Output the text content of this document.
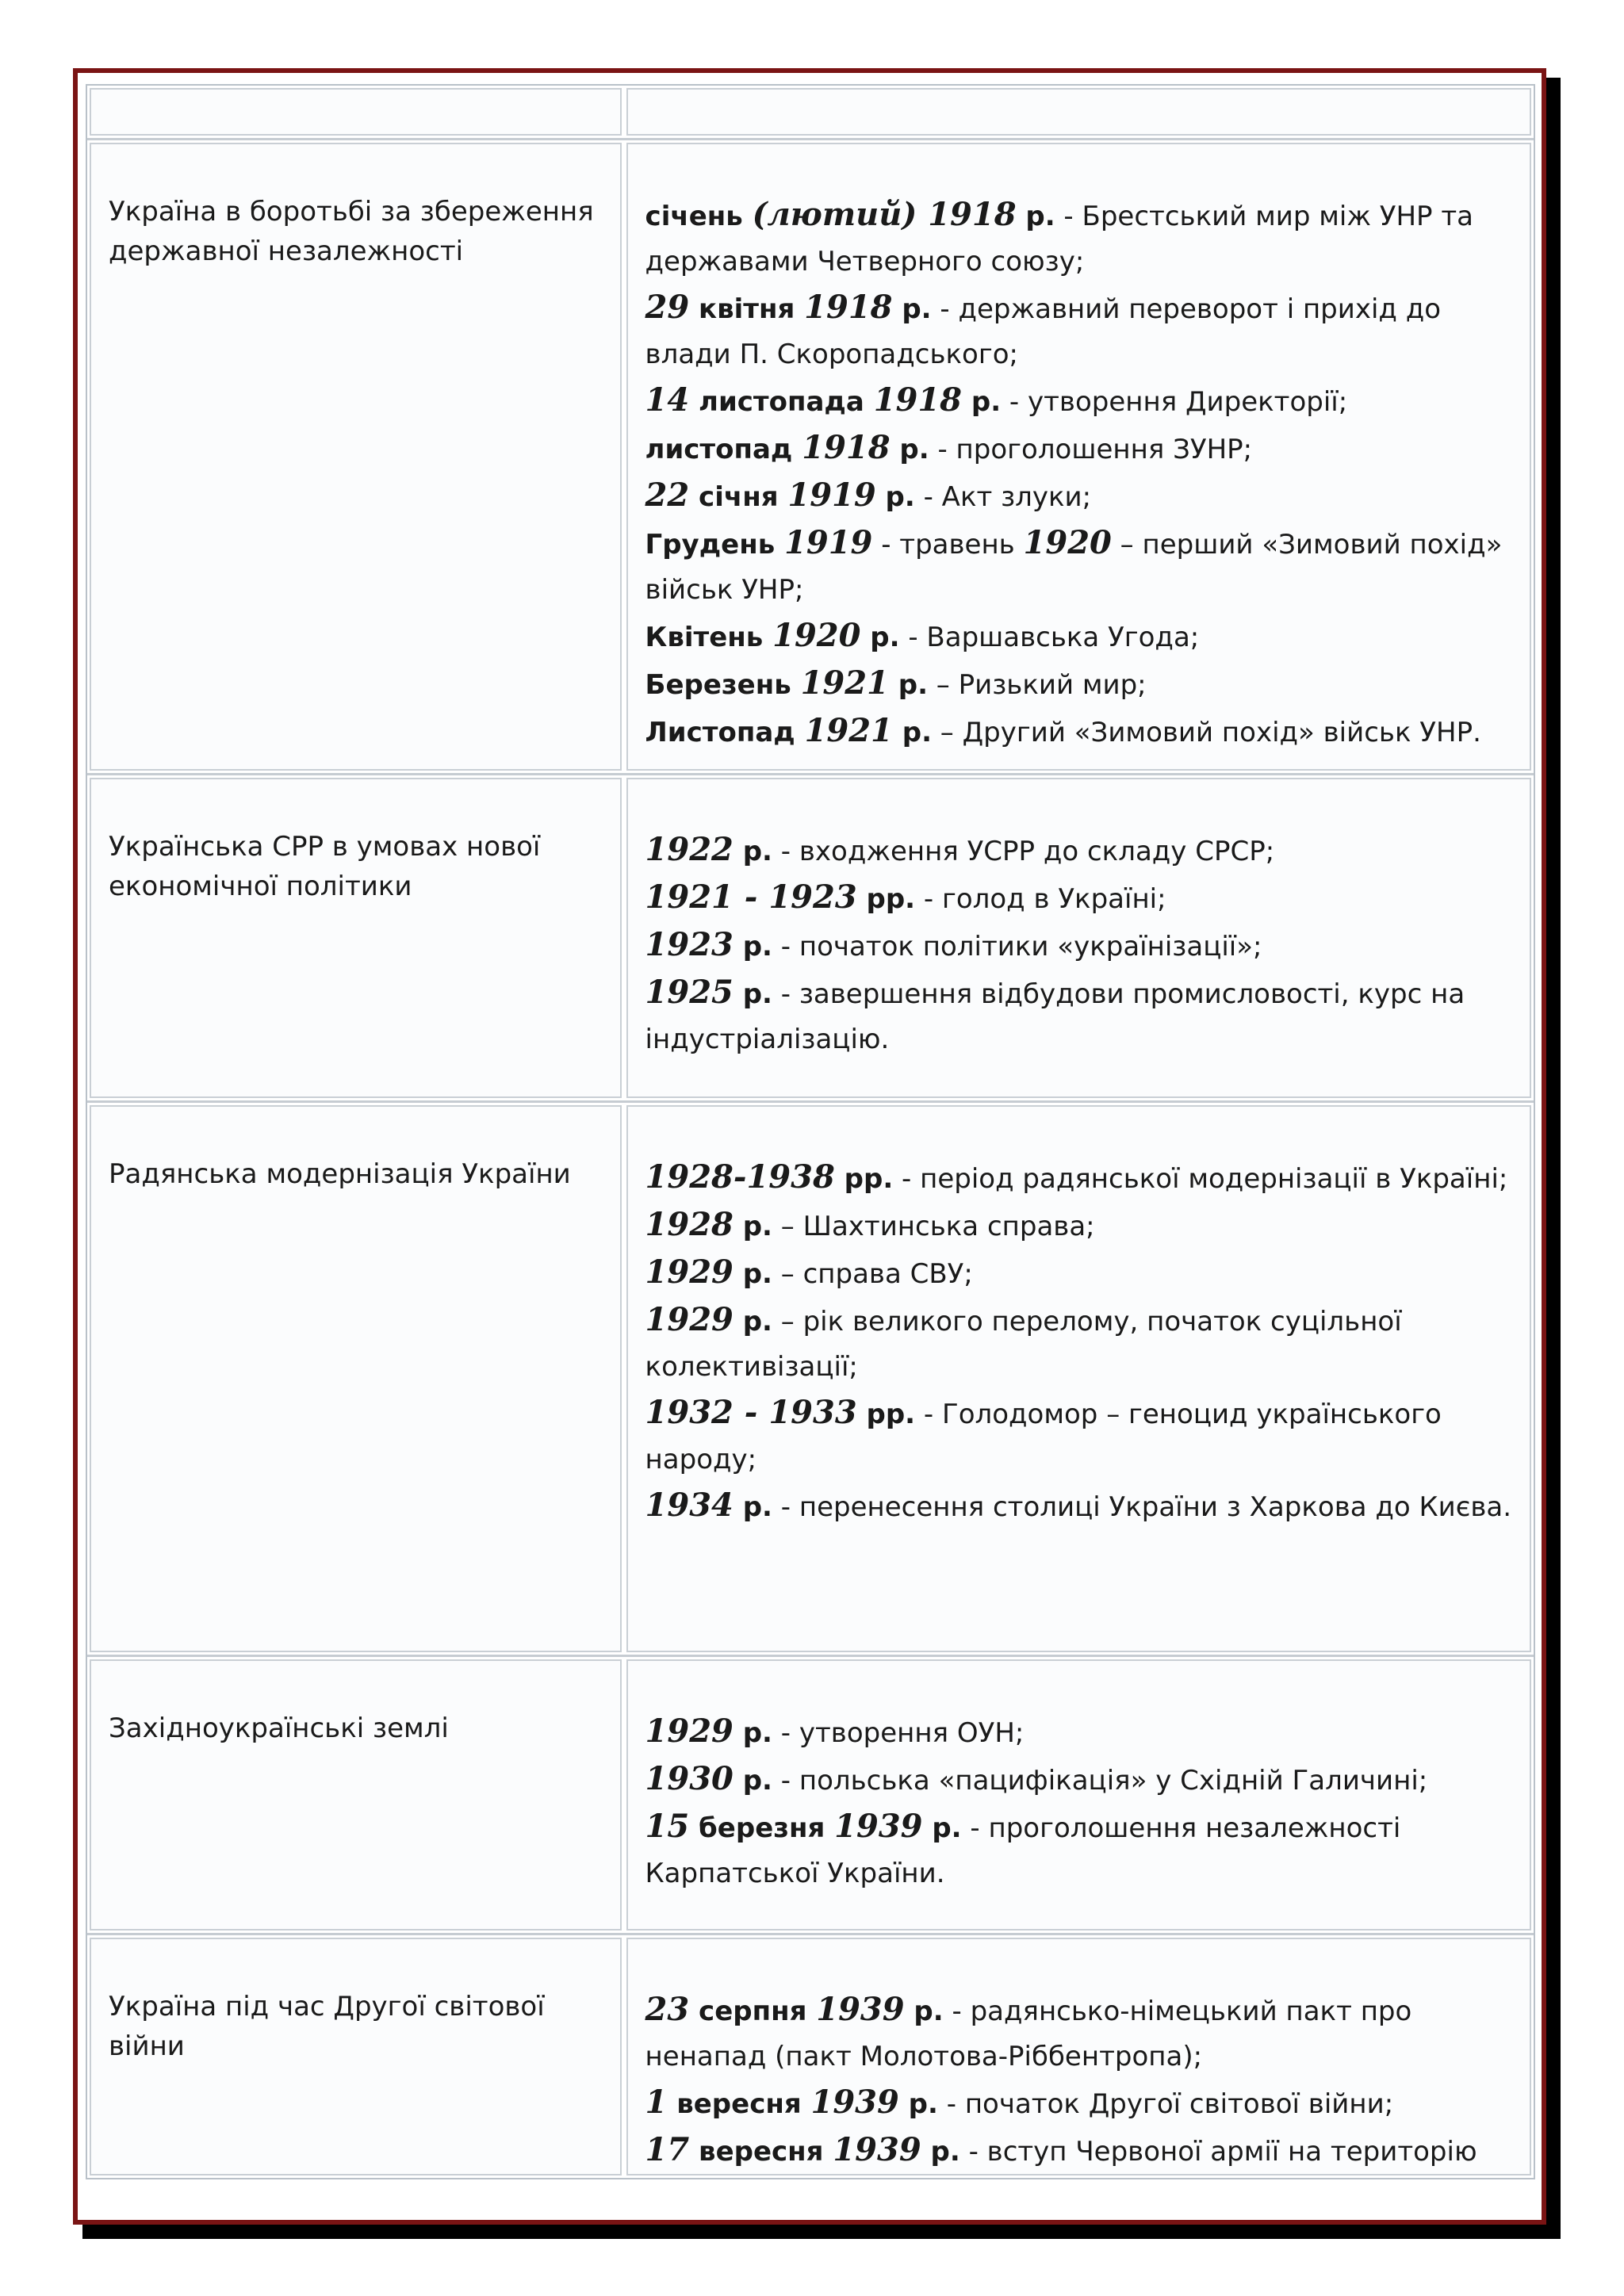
Україна в боротьбі за збереження державної незалежності
січень (лютий) 1918 р. - Брестський мир між УНР та державами Четверного союзу;
29 квітня 1918 р. - державний переворот і прихід до влади П. Скоропадського;
14 листопада 1918 р. - утворення Директорії;
листопад 1918 р. - проголошення ЗУНР;
22 січня 1919 р. - Акт злуки;
Грудень 1919 - травень 1920 – перший «Зимовий похід» військ УНР;
Квітень 1920 р. - Варшавська Угода;
Березень 1921 р. – Ризький мир;
Листопад 1921 р. – Другий «Зимовий похід» військ УНР.
Українська СРР в умовах нової економічної політики
1922 р. - входження УСРР до складу СРСР;
1921 - 1923 рр. - голод в Україні;
1923 р. - початок політики «українізації»;
1925 р. - завершення відбудови промисловості, курс на індустріалізацію.
Радянська модернізація України	1928-1938 рр. - період радянської модернізації в Україні;
1928 р. – Шахтинська справа;
1929 р. – справа СВУ;
1929 р. – рік великого перелому, початок суцільної колективізації;
1932 - 1933 рр. - Голодомор – геноцид українського народу;
1934 р. - перенесення столиці України з Харкова до Києва.
Західноукраїнські землі	1929 р. - утворення ОУН;
1930 р. - польська «пацифікація» у Східній Галичині;
15 березня 1939 р. - проголошення незалежності Карпатської України.
Україна під час Другої світової війни
23 серпня 1939 р. - радянсько-німецький пакт про ненапад (пакт Молотова-Ріббентропа);
1 вересня 1939 р. - початок Другої світової війни;
17 вересня 1939 р. - вступ Червоної армії на територію
